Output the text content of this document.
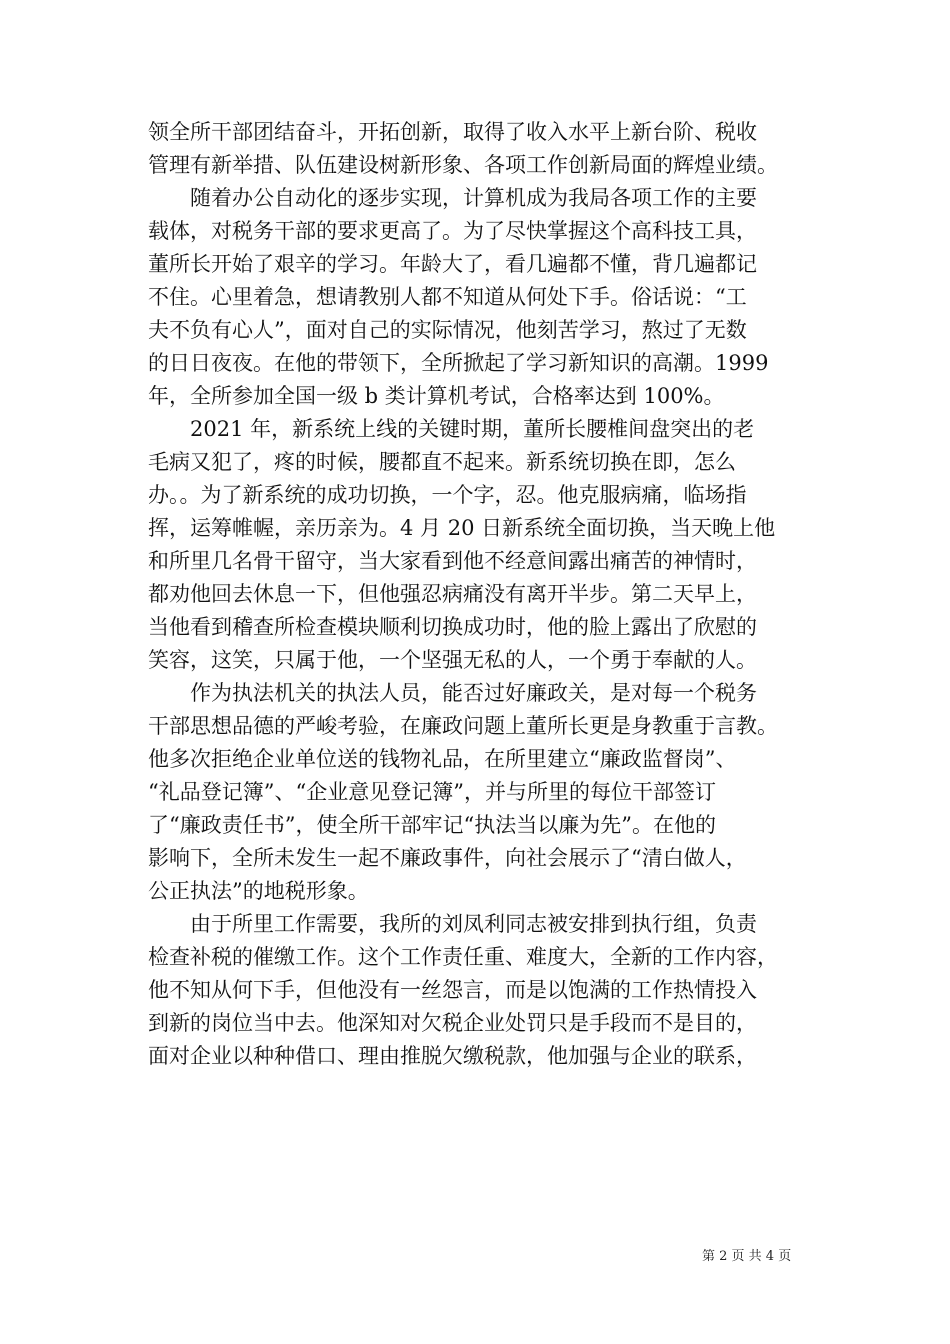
领全所干部团结奋斗，开拓创新，取得了收入水平上新台阶、税收
管理有新举措、队伍建设树新形象、各项工作创新局面的辉煌业绩。
随着办公自动化的逐步实现，计算机成为我局各项工作的主要
载体，对税务干部的要求更高了。为了尽快掌握这个高科技工具，
董所长开始了艰辛的学习。年龄大了，看几遍都不懂，背几遍都记
不住。心里着急，想请教别人都不知道从何处下手。俗话说：“工
夫不负有心人”，面对自己的实际情况，他刻苦学习，熬过了无数
的日日夜夜。在他的带领下，全所掀起了学习新知识的高潮。1999
年，全所参加全国一级 b 类计算机考试，合格率达到 100%。
2021 年，新系统上线的关键时期，董所长腰椎间盘突出的老
毛病又犯了，疼的时候，腰都直不起来。新系统切换在即，怎么
办。。为了新系统的成功切换，一个字，忍。他克服病痛，临场指
挥，运筹帷幄，亲历亲为。4 月 20 日新系统全面切换，当天晚上他
和所里几名骨干留守，当大家看到他不经意间露出痛苦的神情时，
都劝他回去休息一下，但他强忍病痛没有离开半步。第二天早上，
当他看到稽查所检查模块顺利切换成功时，他的脸上露出了欣慰的
笑容，这笑，只属于他，一个坚强无私的人，一个勇于奉献的人。
作为执法机关的执法人员，能否过好廉政关，是对每一个税务
干部思想品德的严峻考验，在廉政问题上董所长更是身教重于言教。
他多次拒绝企业单位送的钱物礼品，在所里建立“廉政监督岗”、
“礼品登记簿”、“企业意见登记簿”，并与所里的每位干部签订
了“廉政责任书”，使全所干部牢记“执法当以廉为先”。在他的
影响下，全所未发生一起不廉政事件，向社会展示了“清白做人，
公正执法”的地税形象。
由于所里工作需要，我所的刘凤利同志被安排到执行组，负责
检查补税的催缴工作。这个工作责任重、难度大，全新的工作内容，
他不知从何下手，但他没有一丝怨言，而是以饱满的工作热情投入
到新的岗位当中去。他深知对欠税企业处罚只是手段而不是目的，
面对企业以种种借口、理由推脱欠缴税款，他加强与企业的联系，
第 2 页 共 4 页
